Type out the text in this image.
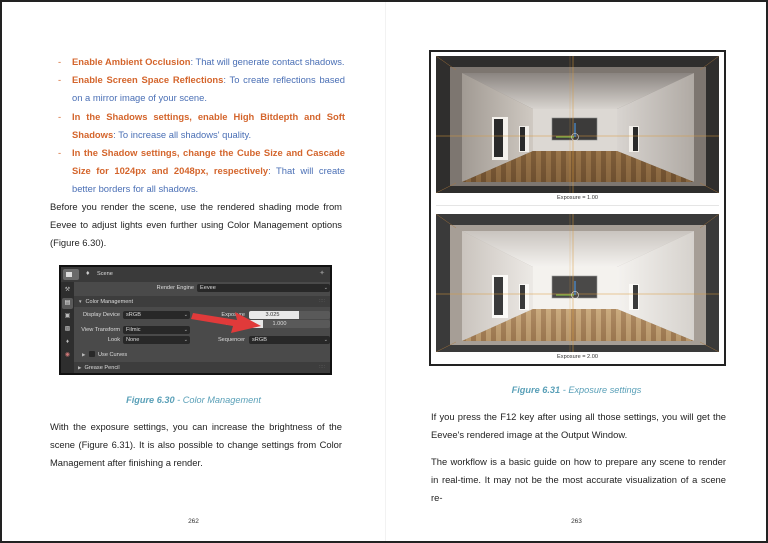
- Enable Ambient Occlusion: That will generate contact shadows.
- Enable Screen Space Reflections: To create reflections based on a mirror image of your scene.
- In the Shadows settings, enable High Bitdepth and Soft Shadows: To increase all shadows' quality.
- In the Shadow settings, change the Cube Size and Cascade Size for 1024px and 2048px, respectively: That will create better borders for all shadows.

Before you render the scene, use the rendered shading mode from Eevee to adjust lights even further using Color Management options (Figure 6.30).

♦ Scene	✦
⚒
▤
▣
▩
♦
◉
Render Engine	Eevee	⌄
▼ Color Management	::::
Display Device	sRGB	⌄
View Transform	Filmic	⌄
Look	None	⌄
Exposure	3.025
1.000
Sequencer	sRGB	⌄
▶ Use Curves
▶ Grease Pencil	::::
Figure 6.30 - Color Management

With the exposure settings, you can increase the brightness of the scene (Figure 6.31). It is also possible to change settings from Color Management after finishing a render.

262	263
Exposure = 1.00
Exposure = 2.00
Figure 6.31 - Exposure settings

If you press the F12 key after using all those settings, you will get the Eevee's rendered image at the Output Window.

The workflow is a basic guide on how to prepare any scene to render in real-time. It may not be the most accurate visualization of a scene re-
